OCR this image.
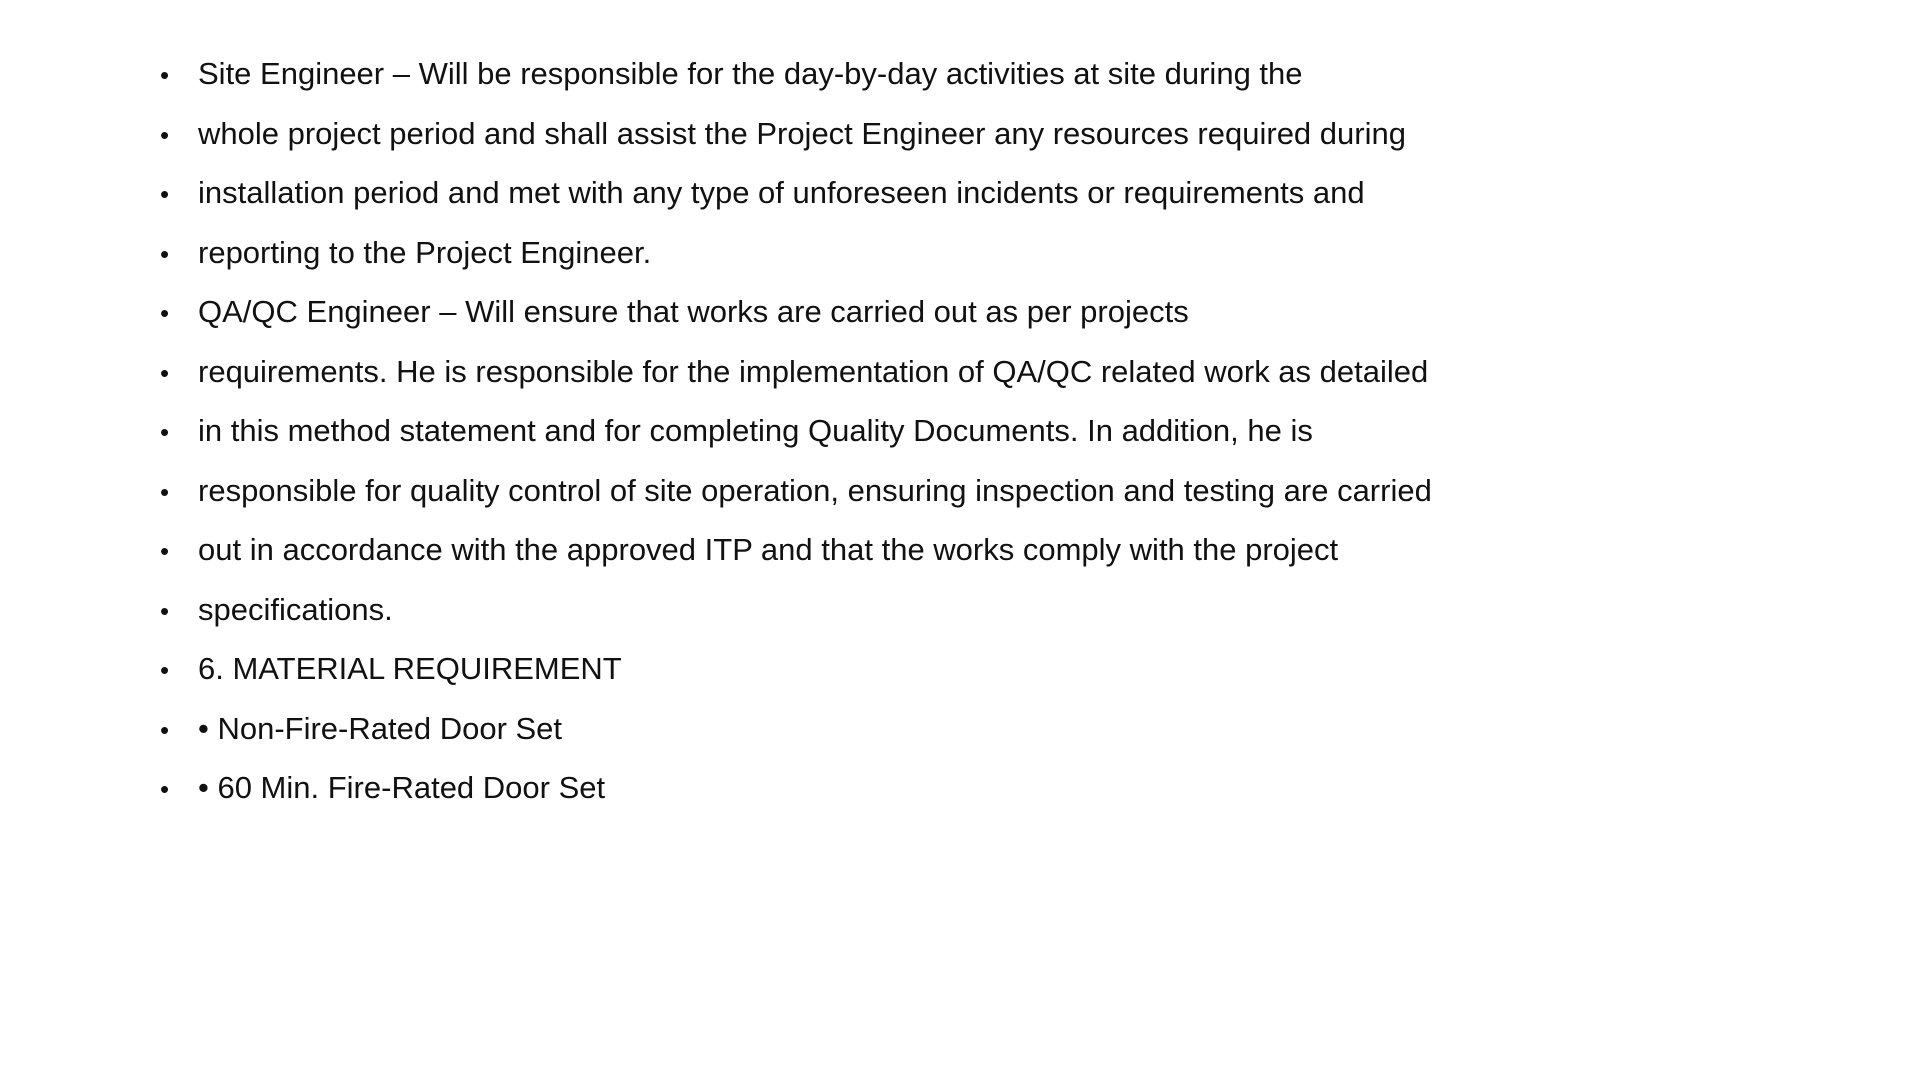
• Site Engineer – Will be responsible for the day-by-day activities at site during the
• whole project period and shall assist the Project Engineer any resources required during
• installation period and met with any type of unforeseen incidents or requirements and
• reporting to the Project Engineer.
• QA/QC Engineer – Will ensure that works are carried out as per projects
• requirements. He is responsible for the implementation of QA/QC related work as detailed
• in this method statement and for completing Quality Documents. In addition, he is
• responsible for quality control of site operation, ensuring inspection and testing are carried
• out in accordance with the approved ITP and that the works comply with the project
• specifications.
• 6. MATERIAL REQUIREMENT
• • Non-Fire-Rated Door Set
• • 60 Min. Fire-Rated Door Set
